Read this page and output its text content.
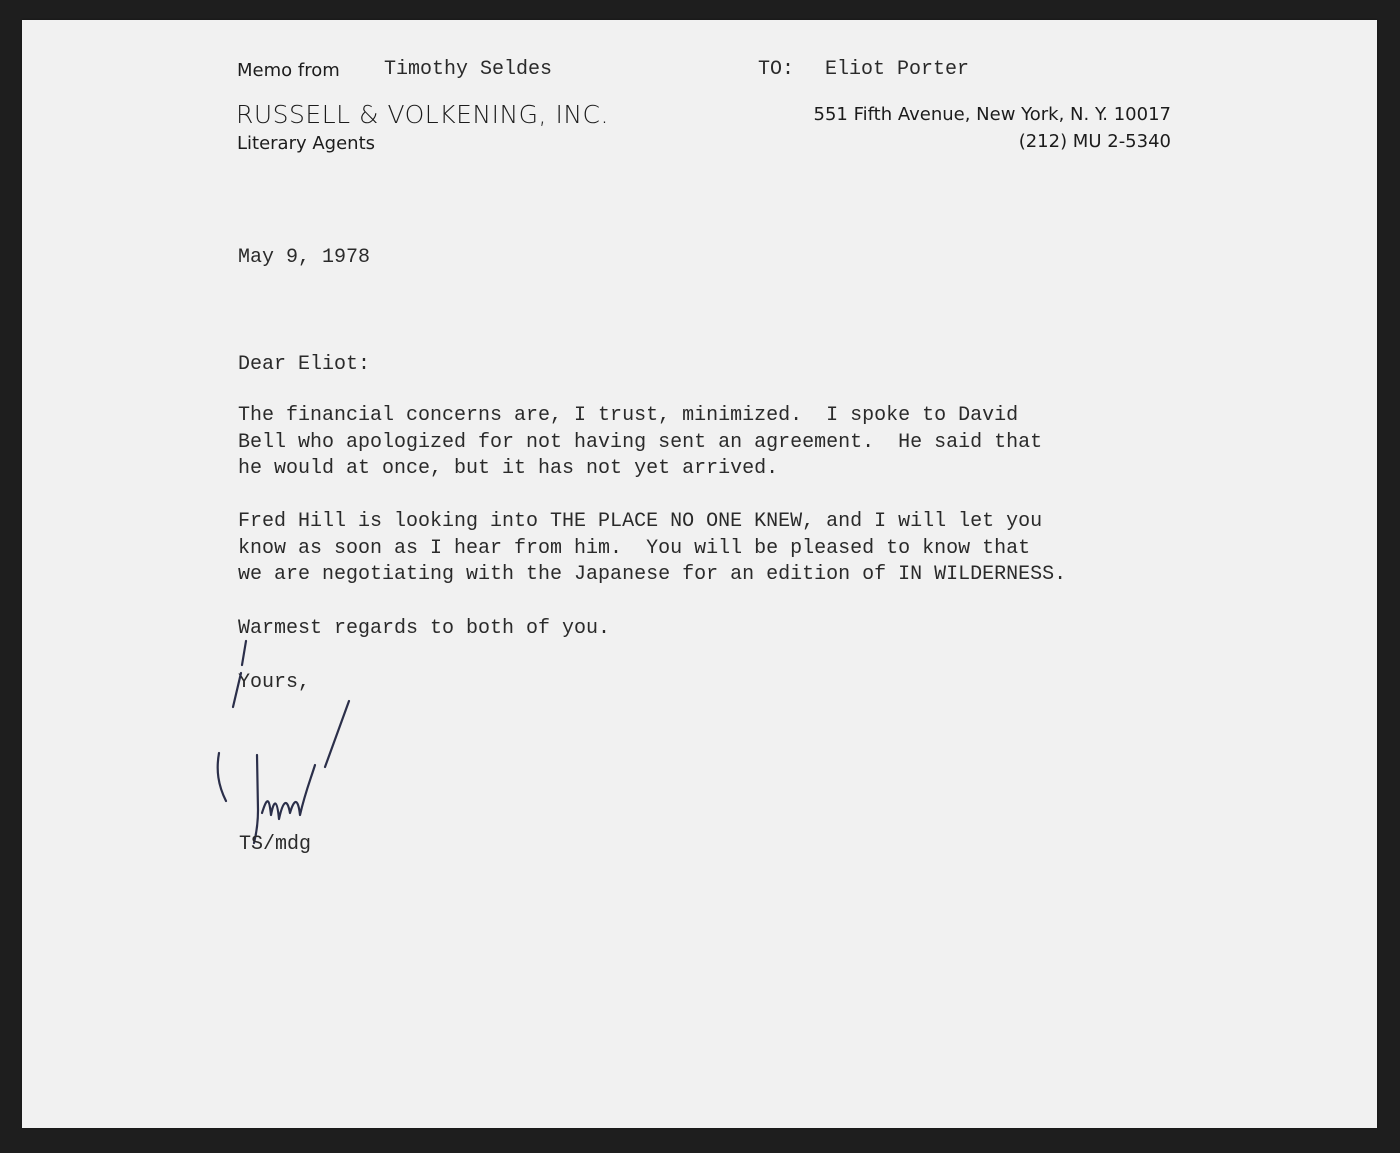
Memo from Timothy Seldes	TO: Eliot Porter
RUSSELL & VOLKENING, INC.
Literary Agents
551 Fifth Avenue, New York, N. Y. 10017
(212) MU 2-5340
May 9, 1978
Dear Eliot:
The financial concerns are, I trust, minimized.  I spoke to David
Bell who apologized for not having sent an agreement.  He said that
he would at once, but it has not yet arrived.
Fred Hill is looking into THE PLACE NO ONE KNEW, and I will let you
know as soon as I hear from him.  You will be pleased to know that
we are negotiating with the Japanese for an edition of IN WILDERNESS.
Warmest regards to both of you.
Yours,
TS/mdg
